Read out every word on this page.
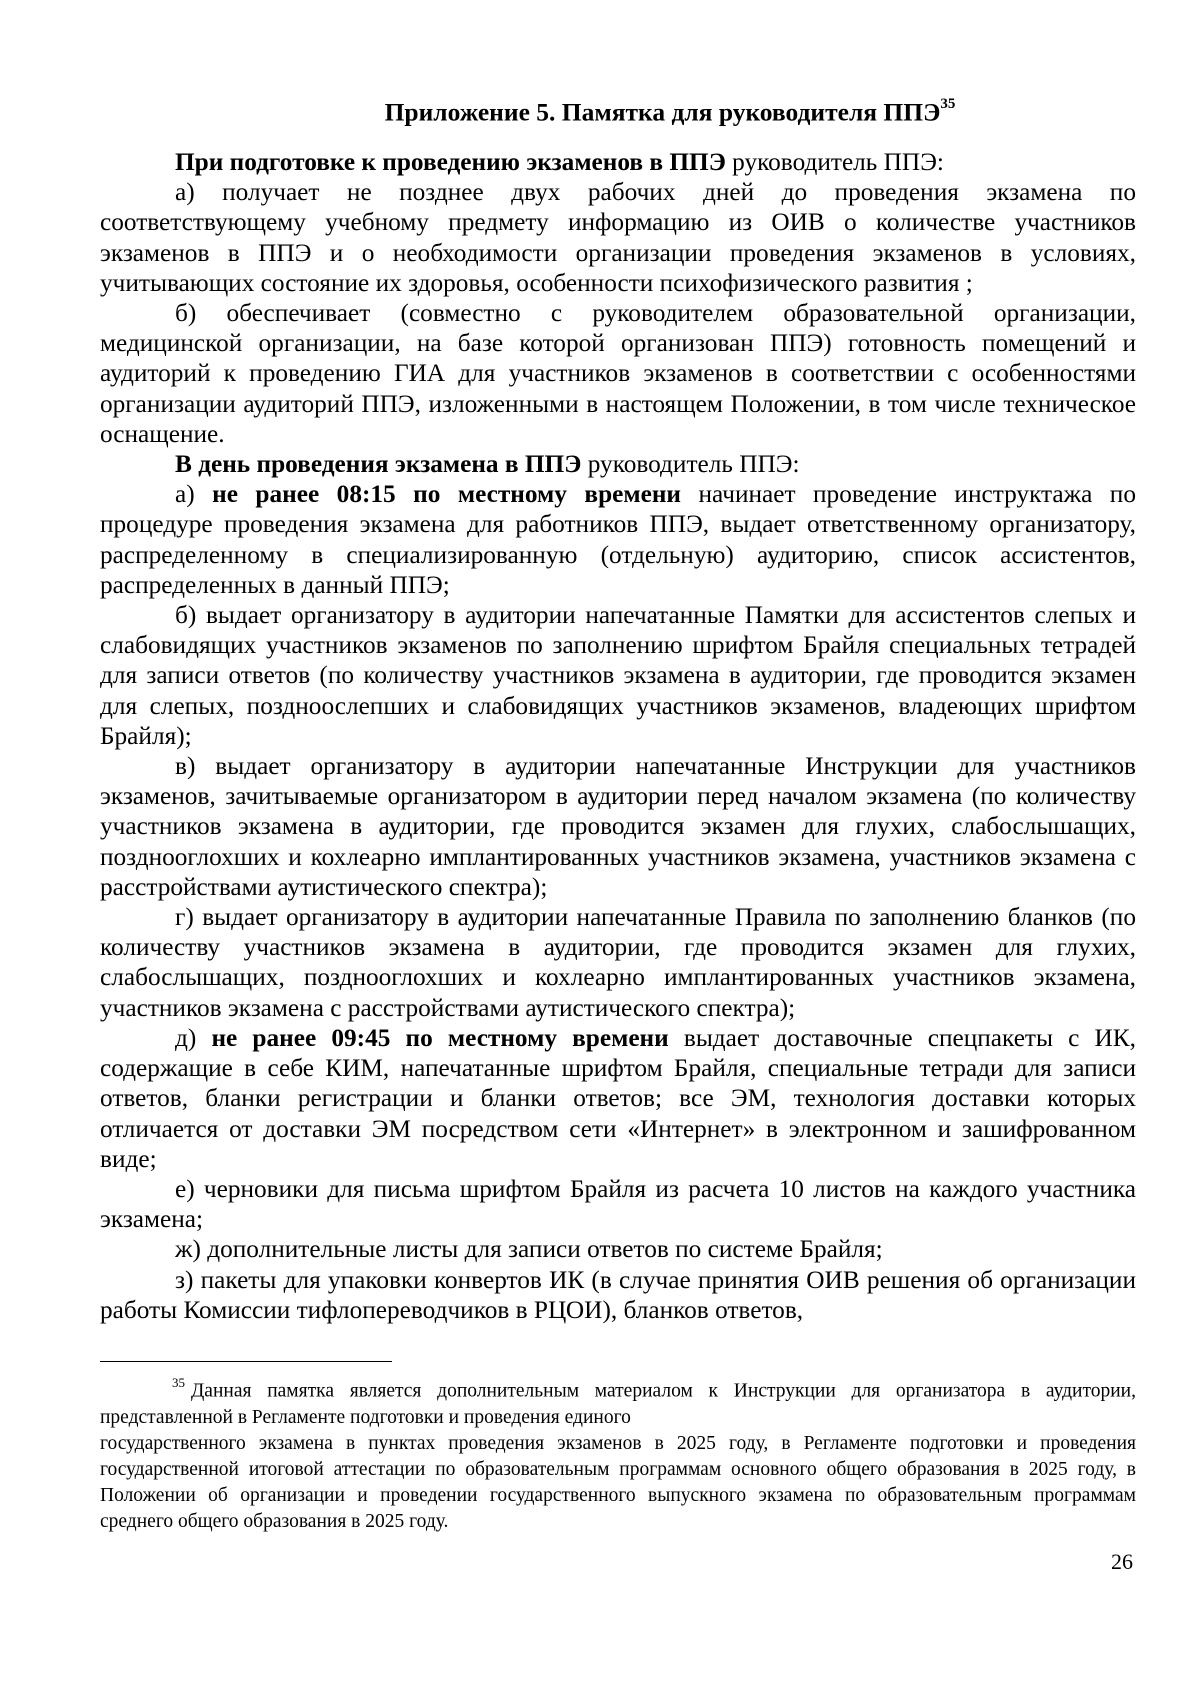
Приложение 5. Памятка для руководителя ППЭ$^{35}$

При подготовке к проведению экзаменов в ППЭ руководитель ППЭ:

а) получает не позднее двух рабочих дней до проведения экзамена по соответствующему учебному предмету информацию из ОИВ о количестве участников экзаменов в ППЭ и о необходимости организации проведения экзаменов в условиях, учитывающих состояние их здоровья, особенности психофизического развития ;

б) обеспечивает (совместно с руководителем образовательной организации, медицинской организации, на базе которой организован ППЭ) готовность помещений и аудиторий к проведению ГИА для участников экзаменов в соответствии с особенностями организации аудиторий ППЭ, изложенными в настоящем Положении, в том числе техническое оснащение.

В день проведения экзамена в ППЭ руководитель ППЭ:

а) не ранее 08:15 по местному времени начинает проведение инструктажа по процедуре проведения экзамена для работников ППЭ, выдает ответственному организатору, распределенному в специализированную (отдельную) аудиторию, список ассистентов, распределенных в данный ППЭ;

б) выдает организатору в аудитории напечатанные Памятки для ассистентов слепых и слабовидящих участников экзаменов по заполнению шрифтом Брайля специальных тетрадей для записи ответов (по количеству участников экзамена в аудитории, где проводится экзамен для слепых, поздноослепших и слабовидящих участников экзаменов, владеющих шрифтом Брайля);

в) выдает организатору в аудитории напечатанные Инструкции для участников экзаменов, зачитываемые организатором в аудитории перед началом экзамена (по количеству участников экзамена в аудитории, где проводится экзамен для глухих, слабослышащих, позднооглохших и кохлеарно имплантированных участников экзамена, участников экзамена с расстройствами аутистического спектра);

г) выдает организатору в аудитории напечатанные Правила по заполнению бланков (по количеству участников экзамена в аудитории, где проводится экзамен для глухих, слабослышащих, позднооглохших и кохлеарно имплантированных участников экзамена, участников экзамена с расстройствами аутистического спектра);

д) не ранее 09:45 по местному времени выдает доставочные спецпакеты с ИК, содержащие в себе КИМ, напечатанные шрифтом Брайля, специальные тетради для записи ответов, бланки регистрации и бланки ответов; все ЭМ, технология доставки которых отличается от доставки ЭМ посредством сети «Интернет» в электронном и зашифрованном виде;

е) черновики для письма шрифтом Брайля из расчета 10 листов на каждого участника экзамена;

ж) дополнительные листы для записи ответов по системе Брайля;

з) пакеты для упаковки конвертов ИК (в случае принятия ОИВ решения об организации работы Комиссии тифлопереводчиков в РЦОИ), бланков ответов,

$^{35}$ Данная памятка является дополнительным материалом к Инструкции для организатора в аудитории, представленной в Регламенте подготовки и проведения единого

государственного экзамена в пунктах проведения экзаменов в 2025 году, в Регламенте подготовки и проведения государственной итоговой аттестации по образовательным программам основного общего образования в 2025 году, в Положении об организации и проведении государственного выпускного экзамена по образовательным программам среднего общего образования в 2025 году.

26
